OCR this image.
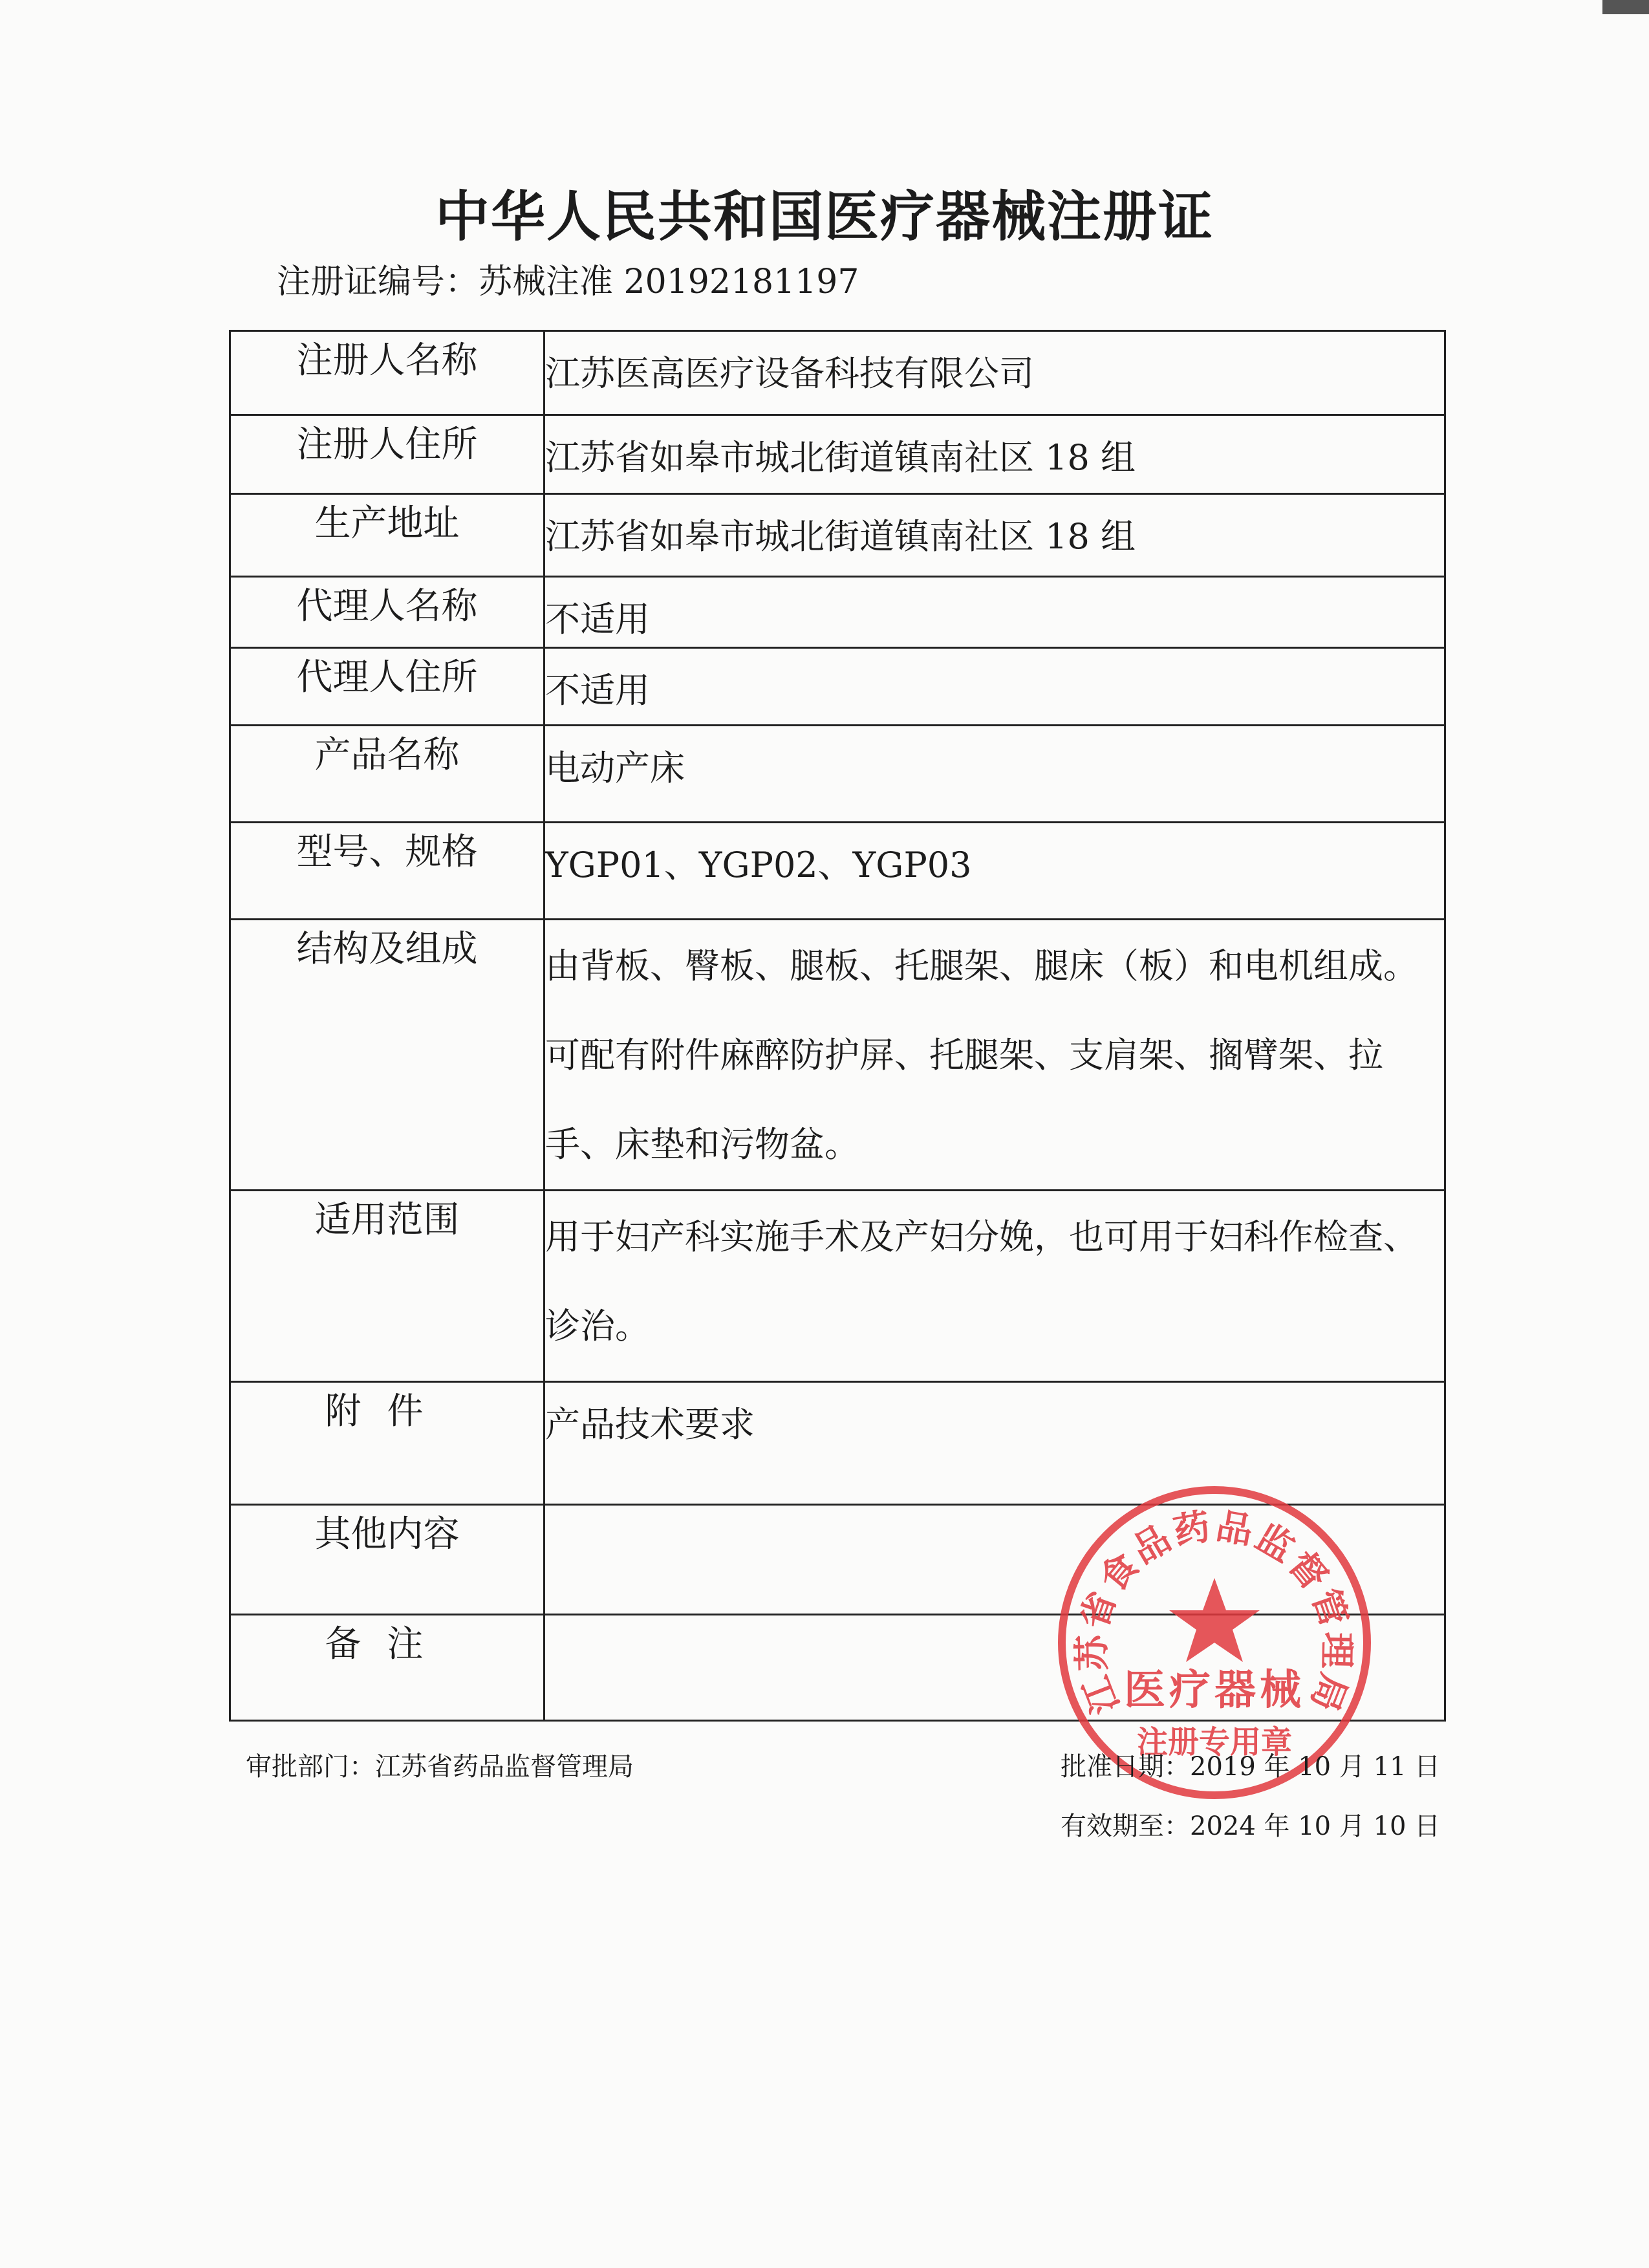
中华人民共和国医疗器械注册证
注册证编号：苏械注准 20192181197
注册人名称	江苏医高医疗设备科技有限公司
注册人住所	江苏省如皋市城北街道镇南社区 18 组
生产地址	江苏省如皋市城北街道镇南社区 18 组
代理人名称	不适用
代理人住所	不适用
产品名称	电动产床
型号、规格	YGP01、YGP02、YGP03
结构及组成	由背板、臀板、腿板、托腿架、腿床（板）和电机组成。可配有附件麻醉防护屏、托腿架、支肩架、搁臂架、拉手、床垫和污物盆。

适用范围	用于妇产科实施手术及产妇分娩，也可用于妇科作检查、诊治。

附件	产品技术要求
其他内容	
备注	
江苏省食品药品监督管理局
医疗器械
注册专用章
审批部门：江苏省药品监督管理局	批准日期：2019 年 10 月 11 日
有效期至：2024 年 10 月 10 日
